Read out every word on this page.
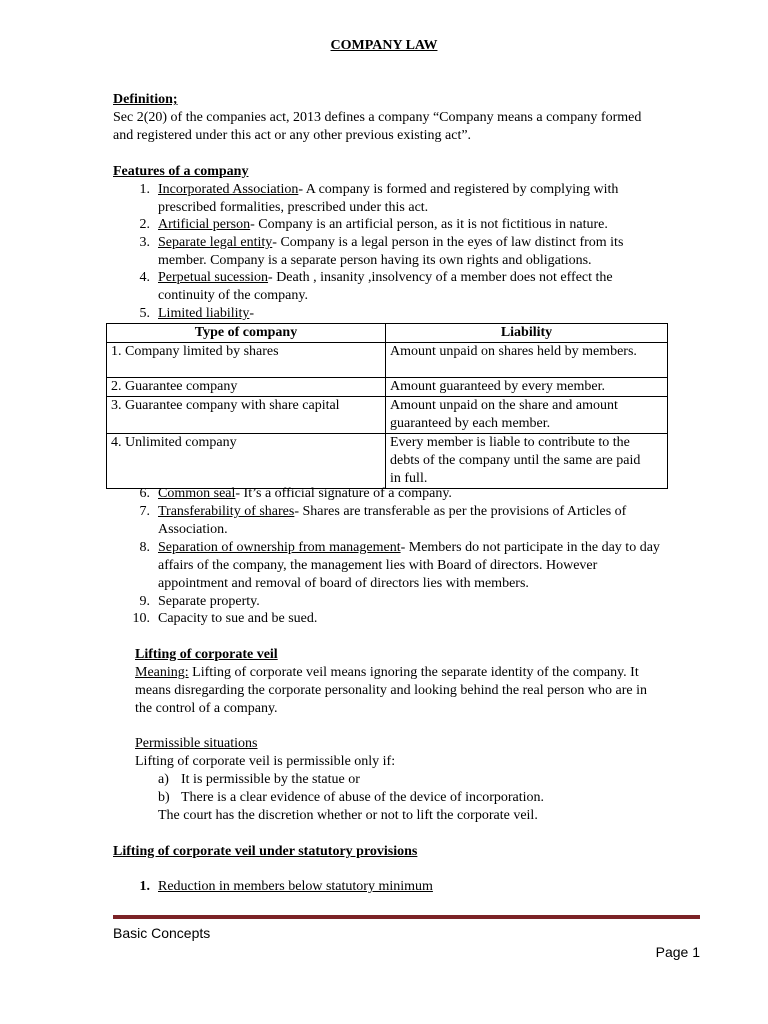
COMPANY LAW
Definition;
Sec 2(20) of the companies act, 2013 defines a company “Company means a company formed
and registered under this act or any other previous existing act”.
Features of a company
1. Incorporated Association- A company is formed and registered by complying with
prescribed formalities, prescribed under this act.
2. Artificial person- Company is an artificial person, as it is not fictitious in nature.
3. Separate legal entity- Company is a legal person in the eyes of law distinct from its
member. Company is a separate person having its own rights and obligations.
4. Perpetual sucession- Death , insanity ,insolvency of a member does not effect the
continuity of the company.
5. Limited liability-
Type of company	Liability
1. Company limited by shares	Amount unpaid on shares held by members.
2. Guarantee company	Amount guaranteed by every member.
3. Guarantee company with share capital	Amount unpaid on the share and amount
guaranteed by each member.

4. Unlimited company	Every member is liable to contribute to the
debts of the company until the same are paid
in full.
6. Common seal- It’s a official signature of a company.
7. Transferability of shares- Shares are transferable as per the provisions of Articles of
Association.
8. Separation of ownership from management- Members do not participate in the day to day
affairs of the company, the management lies with Board of directors. However
appointment and removal of board of directors lies with members.
9. Separate property.
10. Capacity to sue and be sued.
Lifting of corporate veil
Meaning: Lifting of corporate veil means ignoring the separate identity of the company. It
means disregarding the corporate personality and looking behind the real person who are in
the control of a company.
Permissible situations
Lifting of corporate veil is permissible only if:
a) It is permissible by the statue or
b) There is a clear evidence of abuse of the device of incorporation.
The court has the discretion whether or not to lift the corporate veil.
Lifting of corporate veil under statutory provisions
1. Reduction in members below statutory minimum
Basic Concepts
Page 1
